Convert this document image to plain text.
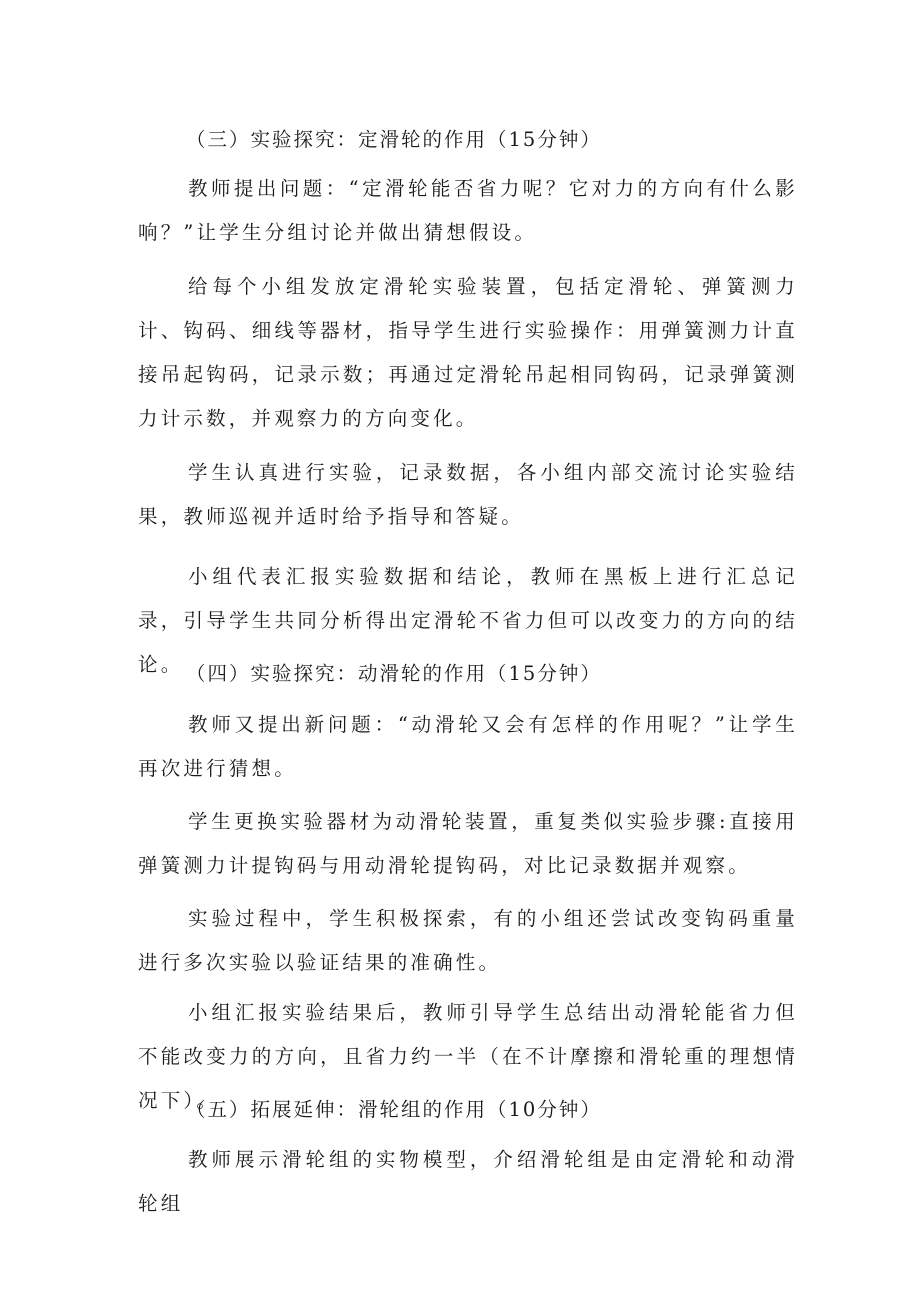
（三）实验探究：定滑轮的作用（15分钟）

教师提出问题：“定滑轮能否省力呢？它对力的方向有什么影响？”让学生分组讨论并做出猜想假设。

给每个小组发放定滑轮实验装置，包括定滑轮、弹簧测力计、钩码、细线等器材，指导学生进行实验操作：用弹簧测力计直接吊起钩码，记录示数；再通过定滑轮吊起相同钩码，记录弹簧测力计示数，并观察力的方向变化。

学生认真进行实验，记录数据，各小组内部交流讨论实验结果，教师巡视并适时给予指导和答疑。

小组代表汇报实验数据和结论，教师在黑板上进行汇总记录，引导学生共同分析得出定滑轮不省力但可以改变力的方向的结论。 （四）实验探究：动滑轮的作用（15分钟）

教师又提出新问题：“动滑轮又会有怎样的作用呢？”让学生再次进行猜想。

学生更换实验器材为动滑轮装置，重复类似实验步骤:直接用弹簧测力计提钩码与用动滑轮提钩码，对比记录数据并观察。

实验过程中，学生积极探索，有的小组还尝试改变钩码重量进行多次实验以验证结果的准确性。

小组汇报实验结果后，教师引导学生总结出动滑轮能省力但不能改变力的方向，且省力约一半（在不计摩擦和滑轮重的理想情况下）。

（五）拓展延伸：滑轮组的作用（10分钟）

教师展示滑轮组的实物模型，介绍滑轮组是由定滑轮和动滑轮组
